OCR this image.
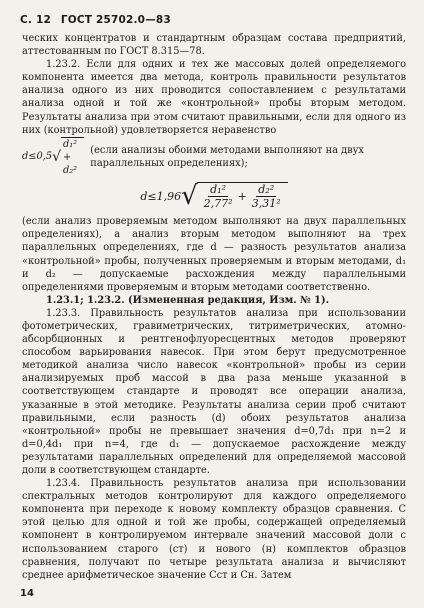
С. 12 ГОСТ 25702.0—83

ческих концентратов и стандартным образцам состава предприятий, аттестованным по ГОСТ 8.315—78.

1.23.2. Если для одних и тех же массовых долей определяемого компонента имеется два метода, контроль правильности результатов анализа одного из них проводится сопоставлением с результатами анализа одной и той же «контрольной» пробы вторым методом. Результаты анализа при этом считают правильными, если для одного из них (контрольной) удовлетворяется неравенство

d≤0,5 √
d₁² + d₂²
(если анализы обоими методами выполняют на двух параллельных определениях);
d≤1,96 √ $\frac{\text{d₁²}}{\text{2,77²}} + \frac{\text{d₂²}}{\text{3,31²}}$

(если анализ проверяемым методом выполняют на двух параллельных определениях), а анализ вторым методом выполняют на трех параллельных определениях, где d — разность результатов анализа «контрольной» пробы, полученных проверяемым и вторым методами, d₁ и d₂ — допускаемые расхождения между параллельными определениями проверяемым и вторым методами соответственно.

1.23.1; 1.23.2. (Измененная редакция, Изм. № 1).

1.23.3. Правильность результатов анализа при использовании фотометрических, гравиметрических, титриметрических, атомно-абсорбционных и рентгенофлуоресцентных методов проверяют способом варьирования навесок. При этом берут предусмотренное методикой анализа число навесок «контрольной» пробы из серии анализируемых проб массой в два раза меньше указанной в соответствующем стандарте и проводят все операции анализа, указанные в этой методике. Результаты анализа серии проб считают правильными, если разность (d) обоих результатов анализа «контрольной» пробы не превышает значения d=0,7d₁ при n=2 и d=0,4d₁ при n=4, где d₁ — допускаемое расхождение между результатами параллельных определений для определяемой массовой доли в соответствующем стандарте.

1.23.4. Правильность результатов анализа при использовании спектральных методов контролируют для каждого определяемого компонента при переходе к новому комплекту образцов сравнения. С этой целью для одной и той же пробы, содержащей определяемый компонент в контролируемом интервале значений массовой доли с использованием старого (ст) и нового (н) комплектов образцов сравнения, получают по четыре результата анализа и вычисляют среднее арифметическое значение Cст и Cн. Затем

14
